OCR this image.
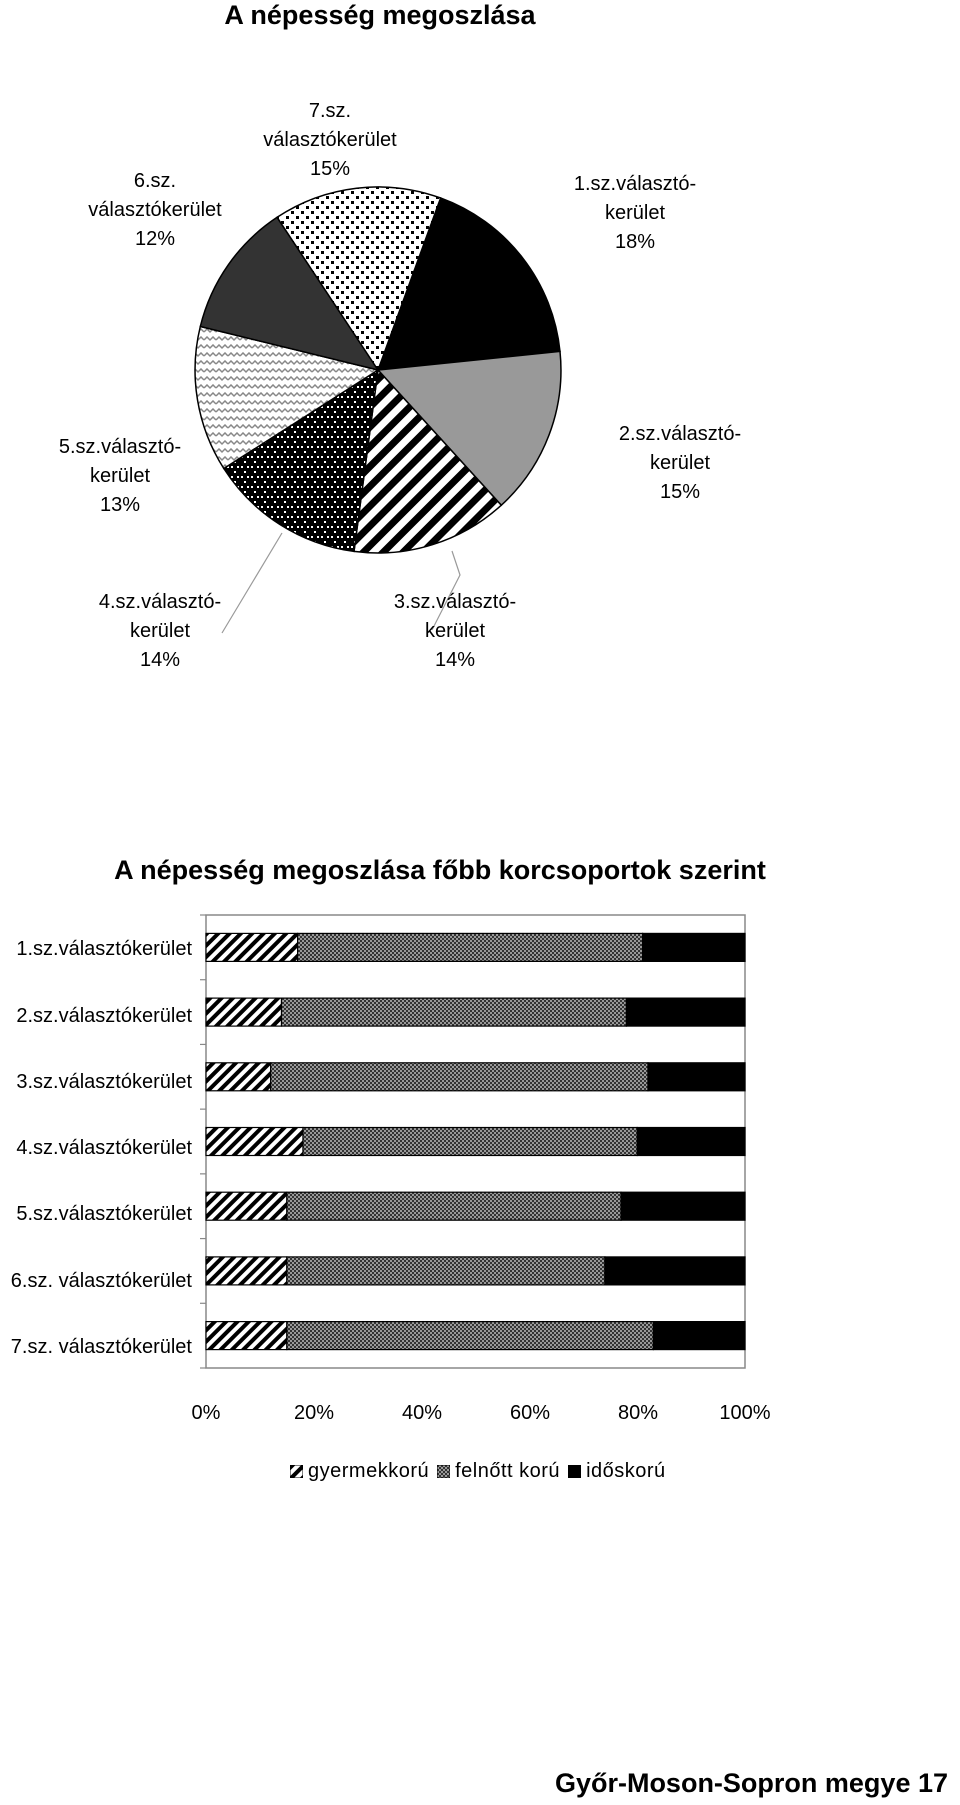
A népesség megoszlása
1.sz.választó-
kerület
18%
2.sz.választó-
kerület
15%
3.sz.választó-
kerület
14%
4.sz.választó-
kerület
14%
5.sz.választó-
kerület
13%
6.sz.
választókerület
12%
7.sz.
választókerület
15%
A népesség megoszlása főbb korcsoportok szerint
1.sz.választókerület
2.sz.választókerület
3.sz.választókerület
4.sz.választókerület
5.sz.választókerület
6.sz. választókerület
7.sz. választókerület
0%	20%	40%	60%	80%	100%
gyermekkorú felnőtt korú időskorú
Győr-Moson-Sopron megye 17
